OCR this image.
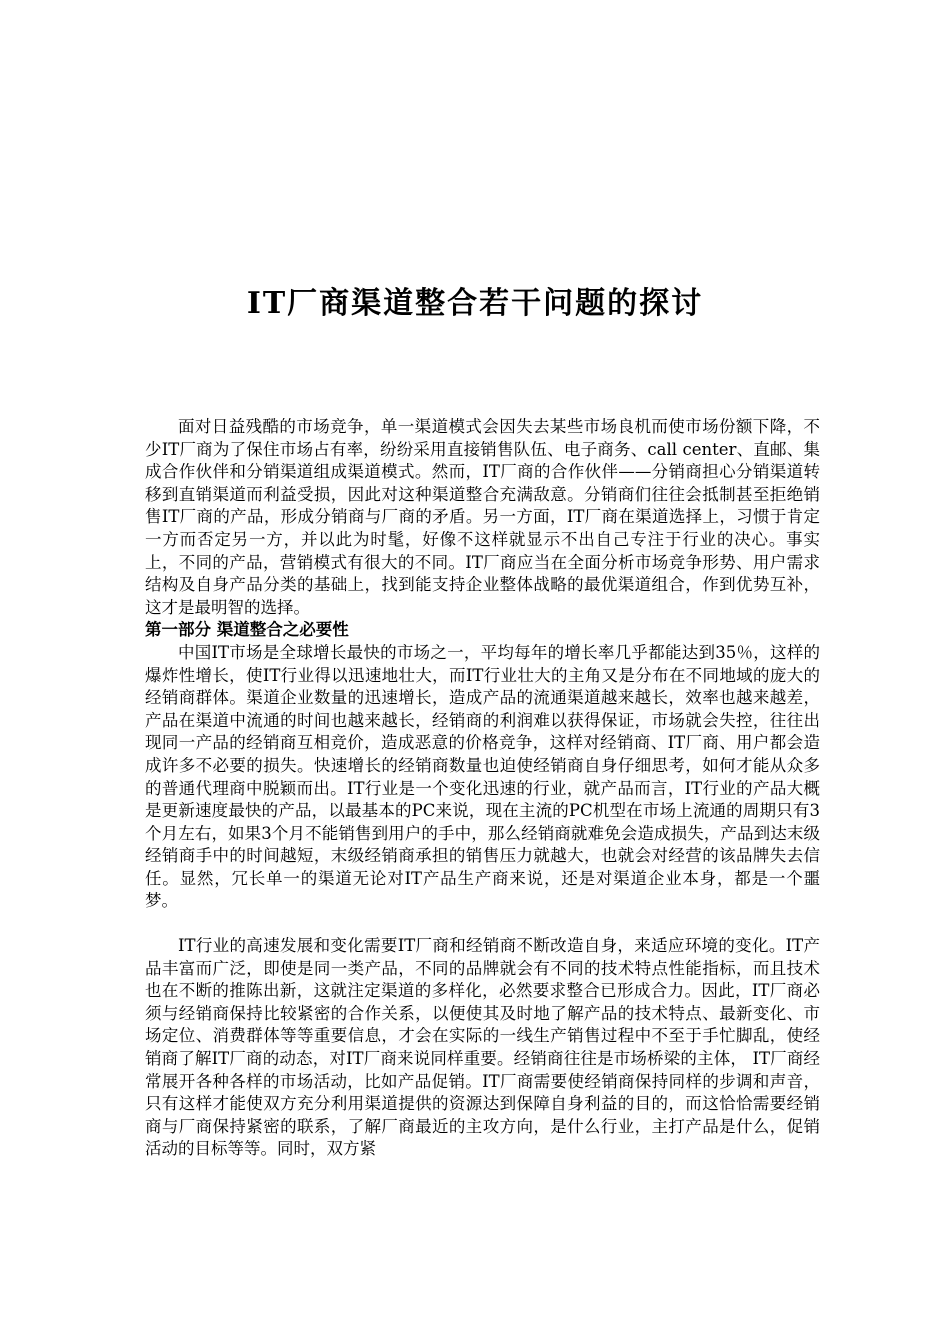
IT厂商渠道整合若干问题的探讨

面对日益残酷的市场竞争，单一渠道模式会因失去某些市场良机而使市场份额下降，不少IT厂商为了保住市场占有率，纷纷采用直接销售队伍、电子商务、call center、直邮、集成合作伙伴和分销渠道组成渠道模式。然而，IT厂商的合作伙伴——分销商担心分销渠道转移到直销渠道而利益受损，因此对这种渠道整合充满敌意。分销商们往往会抵制甚至拒绝销售IT厂商的产品，形成分销商与厂商的矛盾。另一方面，IT厂商在渠道选择上，习惯于肯定一方而否定另一方，并以此为时髦，好像不这样就显示不出自己专注于行业的决心。事实上，不同的产品，营销模式有很大的不同。IT厂商应当在全面分析市场竞争形势、用户需求结构及自身产品分类的基础上，找到能支持企业整体战略的最优渠道组合，作到优势互补，这才是最明智的选择。

第一部分 渠道整合之必要性

中国IT市场是全球增长最快的市场之一，平均每年的增长率几乎都能达到35％，这样的爆炸性增长，使IT行业得以迅速地壮大，而IT行业壮大的主角又是分布在不同地域的庞大的经销商群体。渠道企业数量的迅速增长，造成产品的流通渠道越来越长，效率也越来越差，产品在渠道中流通的时间也越来越长，经销商的利润难以获得保证，市场就会失控，往往出现同一产品的经销商互相竞价，造成恶意的价格竞争，这样对经销商、IT厂商、用户都会造成许多不必要的损失。快速增长的经销商数量也迫使经销商自身仔细思考，如何才能从众多的普通代理商中脱颖而出。IT行业是一个变化迅速的行业，就产品而言，IT行业的产品大概是更新速度最快的产品，以最基本的PC来说，现在主流的PC机型在市场上流通的周期只有3个月左右，如果3个月不能销售到用户的手中，那么经销商就难免会造成损失，产品到达末级经销商手中的时间越短，末级经销商承担的销售压力就越大，也就会对经营的该品牌失去信任。显然，冗长单一的渠道无论对IT产品生产商来说，还是对渠道企业本身，都是一个噩梦。

IT行业的高速发展和变化需要IT厂商和经销商不断改造自身，来适应环境的变化。IT产品丰富而广泛，即使是同一类产品，不同的品牌就会有不同的技术特点性能指标，而且技术也在不断的推陈出新，这就注定渠道的多样化，必然要求整合已形成合力。因此，IT厂商必须与经销商保持比较紧密的合作关系，以便使其及时地了解产品的技术特点、最新变化、市场定位、消费群体等等重要信息，才会在实际的一线生产销售过程中不至于手忙脚乱，使经销商了解IT厂商的动态，对IT厂商来说同样重要。经销商往往是市场桥梁的主体， IT厂商经常展开各种各样的市场活动，比如产品促销。IT厂商需要使经销商保持同样的步调和声音，只有这样才能使双方充分利用渠道提供的资源达到保障自身利益的目的，而这恰恰需要经销商与厂商保持紧密的联系，了解厂商最近的主攻方向，是什么行业，主打产品是什么，促销活动的目标等等。同时，双方紧
